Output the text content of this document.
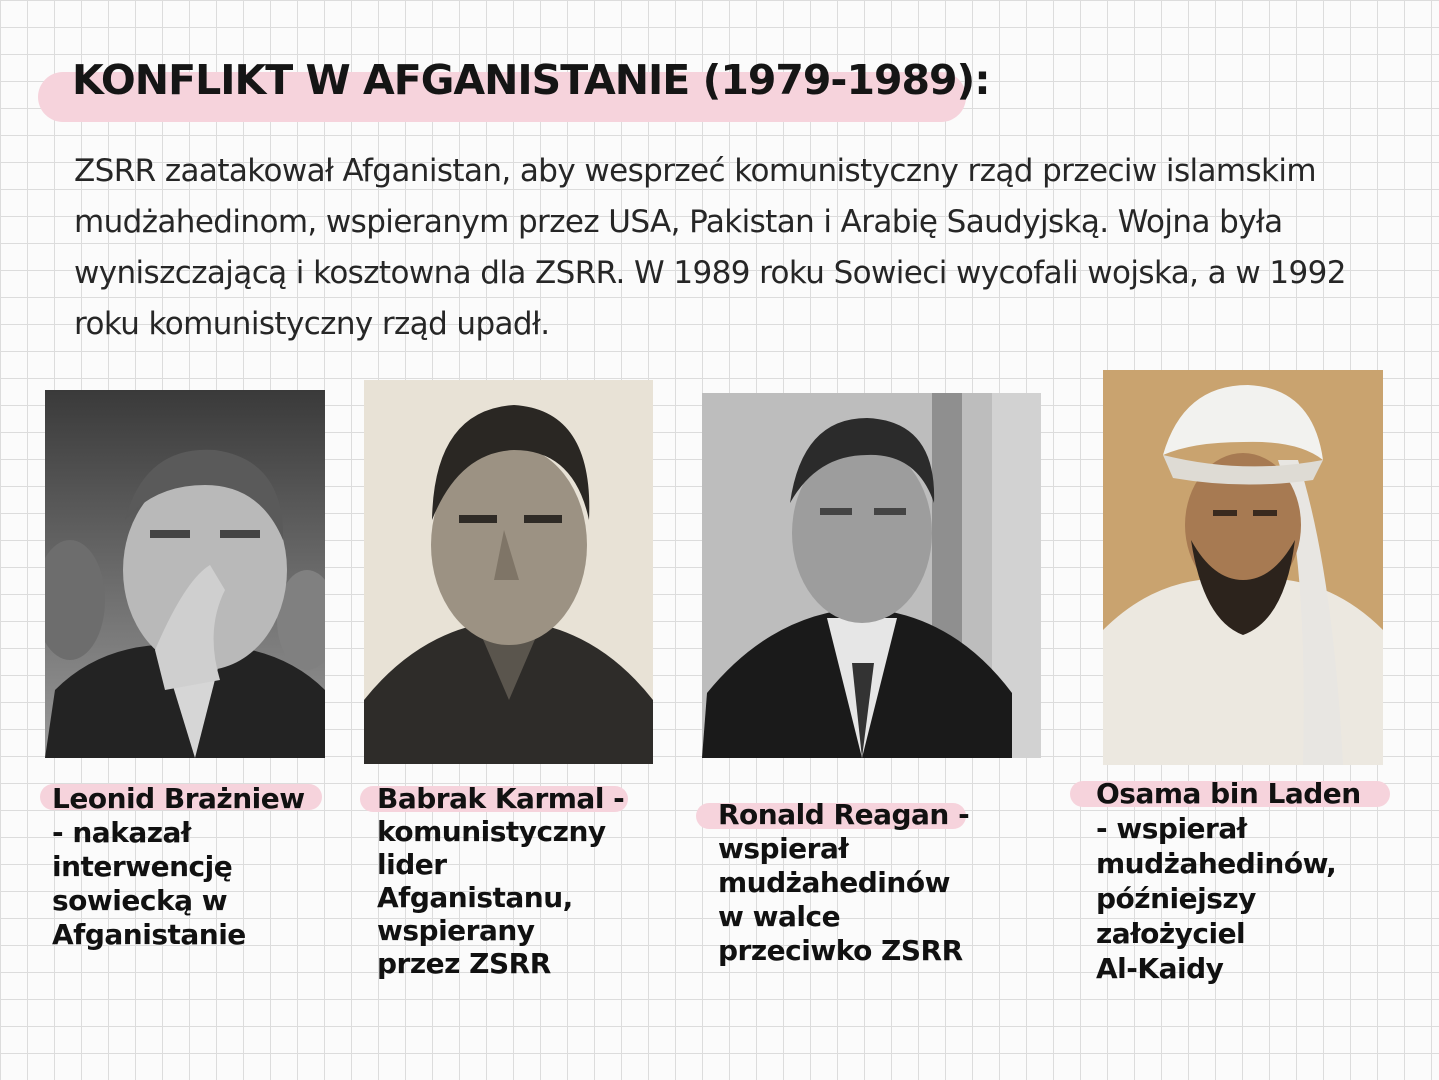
KONFLIKT W AFGANISTANIE (1979-1989):

ZSRR zaatakował Afganistan, aby wesprzeć komunistyczny rząd przeciw islamskim
mudżahedinom, wspieranym przez USA, Pakistan i Arabię Saudyjską. Wojna była
wyniszczającą i kosztowna dla ZSRR. W 1989 roku Sowieci wycofali wojska, a w 1992
roku komunistyczny rząd upadł.

Leonid Brażniew
- nakazał
interwencję
sowiecką w
Afganistanie
Babrak Karmal -
komunistyczny
lider
Afganistanu,
wspierany
przez ZSRR
Ronald Reagan -
wspierał
mudżahedinów
w walce
przeciwko ZSRR
Osama bin Laden
- wspierał
mudżahedinów,
późniejszy
założyciel
Al-Kaidy
